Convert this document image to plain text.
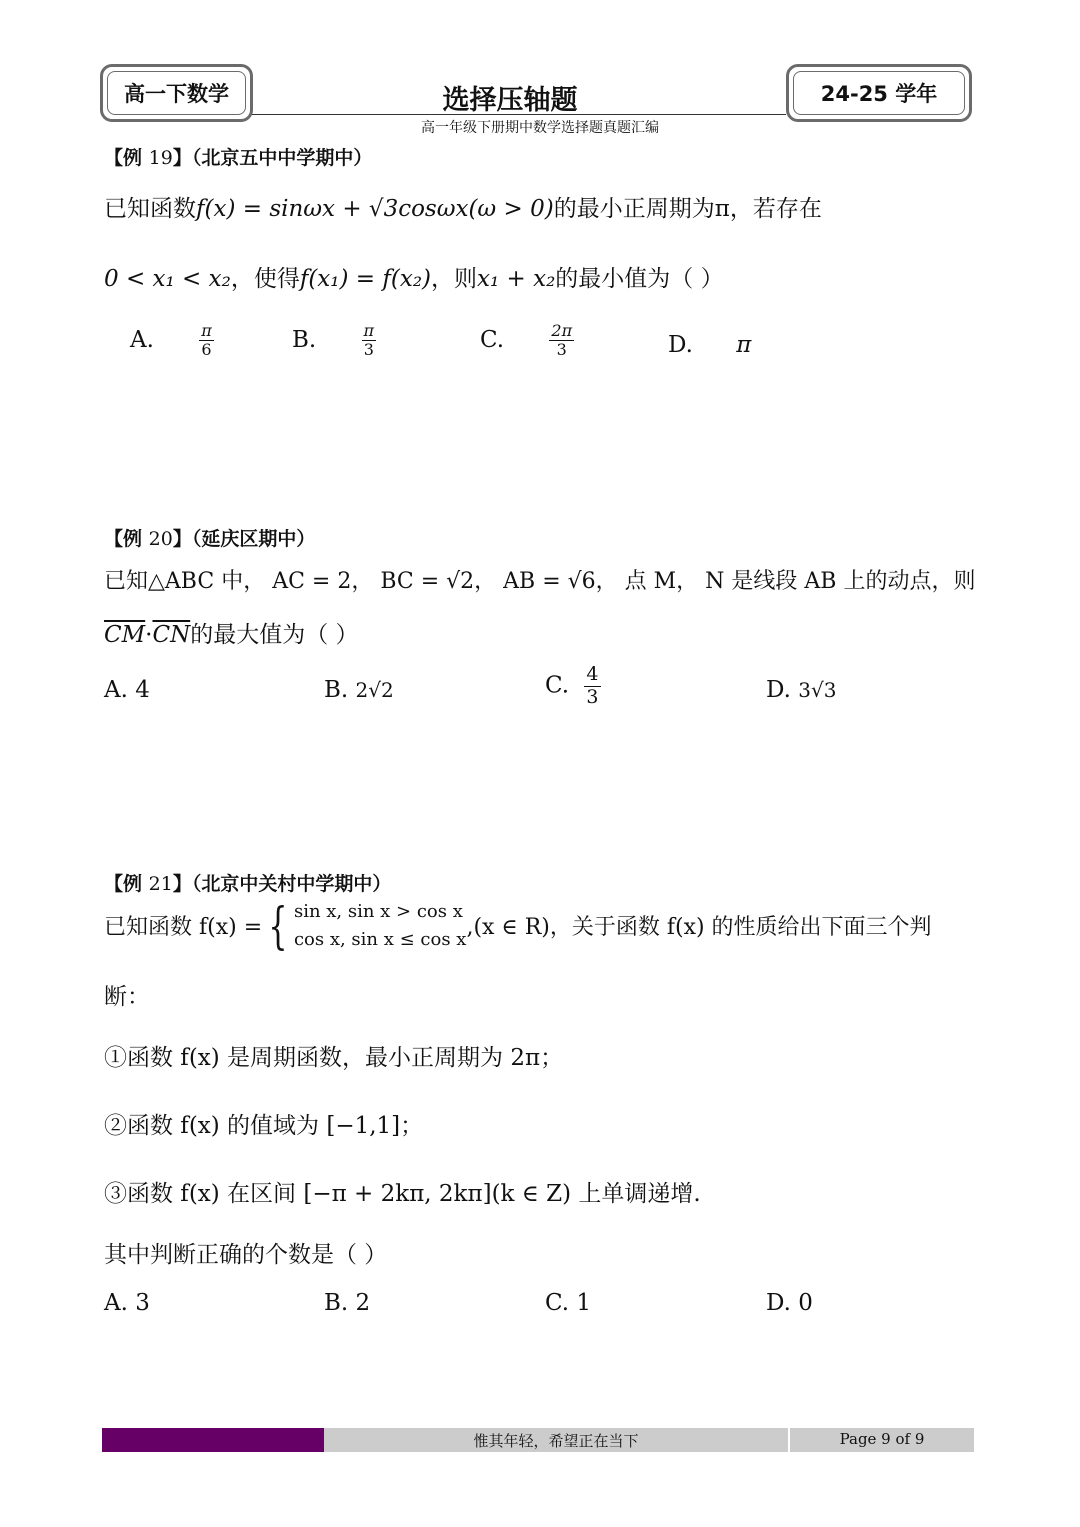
高一下数学	选择压轴题	24-25 学年
高一年级下册期中数学选择题真题汇编
【例 19】（北京五中中学期中）
已知函数f(x) = sinωx + √3cosωx(ω > 0)的最小正周期为π，若存在
0 < x₁ < x₂，使得f(x₁) = f(x₂)，则x₁ + x₂的最小值为（ ）
A.	$\frac{\pi}{6}$	B.	$\frac{\pi}{3}$	C.	$\frac{2\pi}{3}$	D. π
【例 20】（延庆区期中）
已知△ABC 中， AC = 2， BC = √2， AB = √6， 点 M， N 是线段 AB 上的动点，则
$\overline{CM}\cdot\overline{CN}$的最大值为（ ）
A. 4	B. 2√2	C. $\frac{4}{3}$	D. 3√3
【例 21】（北京中关村中学期中）
已知函数 f(x) = { sin x, sin x > cos x
cos x, sin x ≤ cos x ,(x ∈ R)，关于函数 f(x) 的性质给出下面三个判
断：
①函数 f(x) 是周期函数，最小正周期为 2π；
②函数 f(x) 的值域为 [−1,1]；
③函数 f(x) 在区间 [−π + 2kπ, 2kπ](k ∈ Z) 上单调递增.
其中判断正确的个数是（ ）
A. 3	B. 2	C. 1	D. 0
惟其年轻，希望正在当下	Page 9 of 9
